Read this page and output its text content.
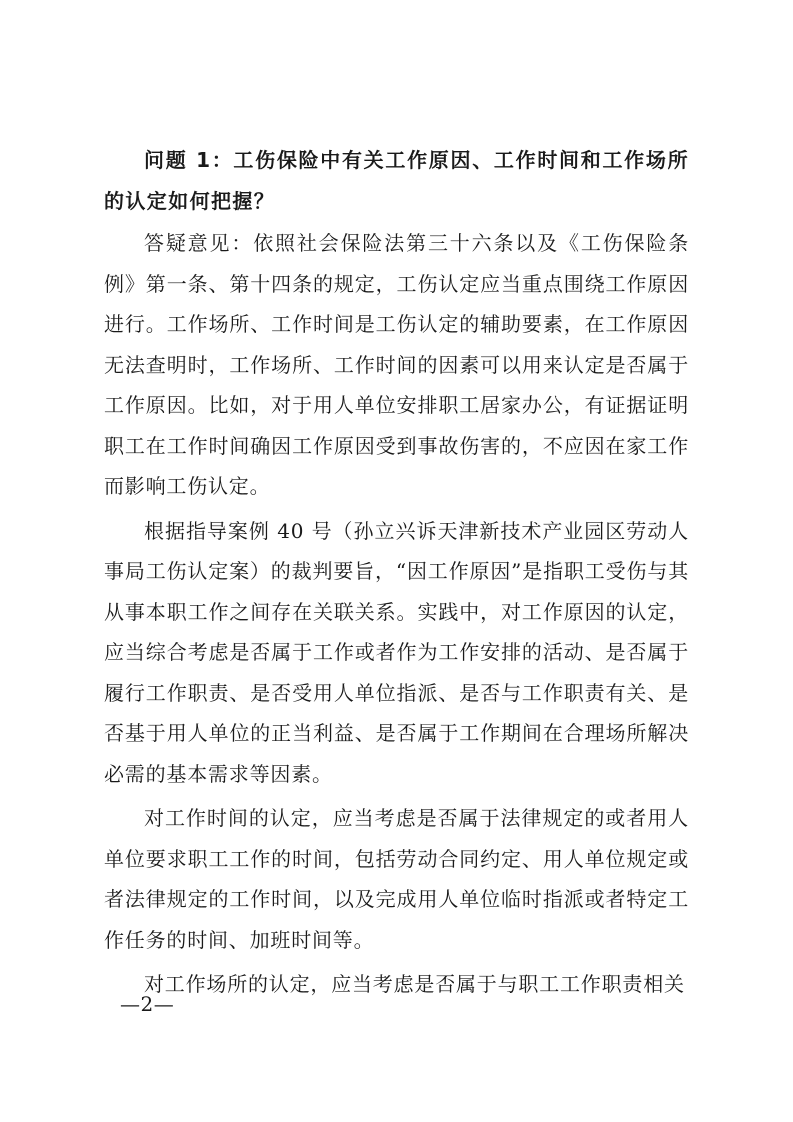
问题 1：工伤保险中有关工作原因、工作时间和工作场所的认定如何把握？

答疑意见：依照社会保险法第三十六条以及《工伤保险条例》第一条、第十四条的规定，工伤认定应当重点围绕工作原因进行。工作场所、工作时间是工伤认定的辅助要素，在工作原因无法查明时，工作场所、工作时间的因素可以用来认定是否属于工作原因。比如，对于用人单位安排职工居家办公，有证据证明职工在工作时间确因工作原因受到事故伤害的，不应因在家工作而影响工伤认定。

根据指导案例 40 号（孙立兴诉天津新技术产业园区劳动人事局工伤认定案）的裁判要旨，“因工作原因”是指职工受伤与其从事本职工作之间存在关联关系。实践中，对工作原因的认定，应当综合考虑是否属于工作或者作为工作安排的活动、是否属于履行工作职责、是否受用人单位指派、是否与工作职责有关、是否基于用人单位的正当利益、是否属于工作期间在合理场所解决必需的基本需求等因素。

对工作时间的认定，应当考虑是否属于法律规定的或者用人单位要求职工工作的时间，包括劳动合同约定、用人单位规定或者法律规定的工作时间，以及完成用人单位临时指派或者特定工作任务的时间、加班时间等。

对工作场所的认定，应当考虑是否属于与职工工作职责相关

—2—
